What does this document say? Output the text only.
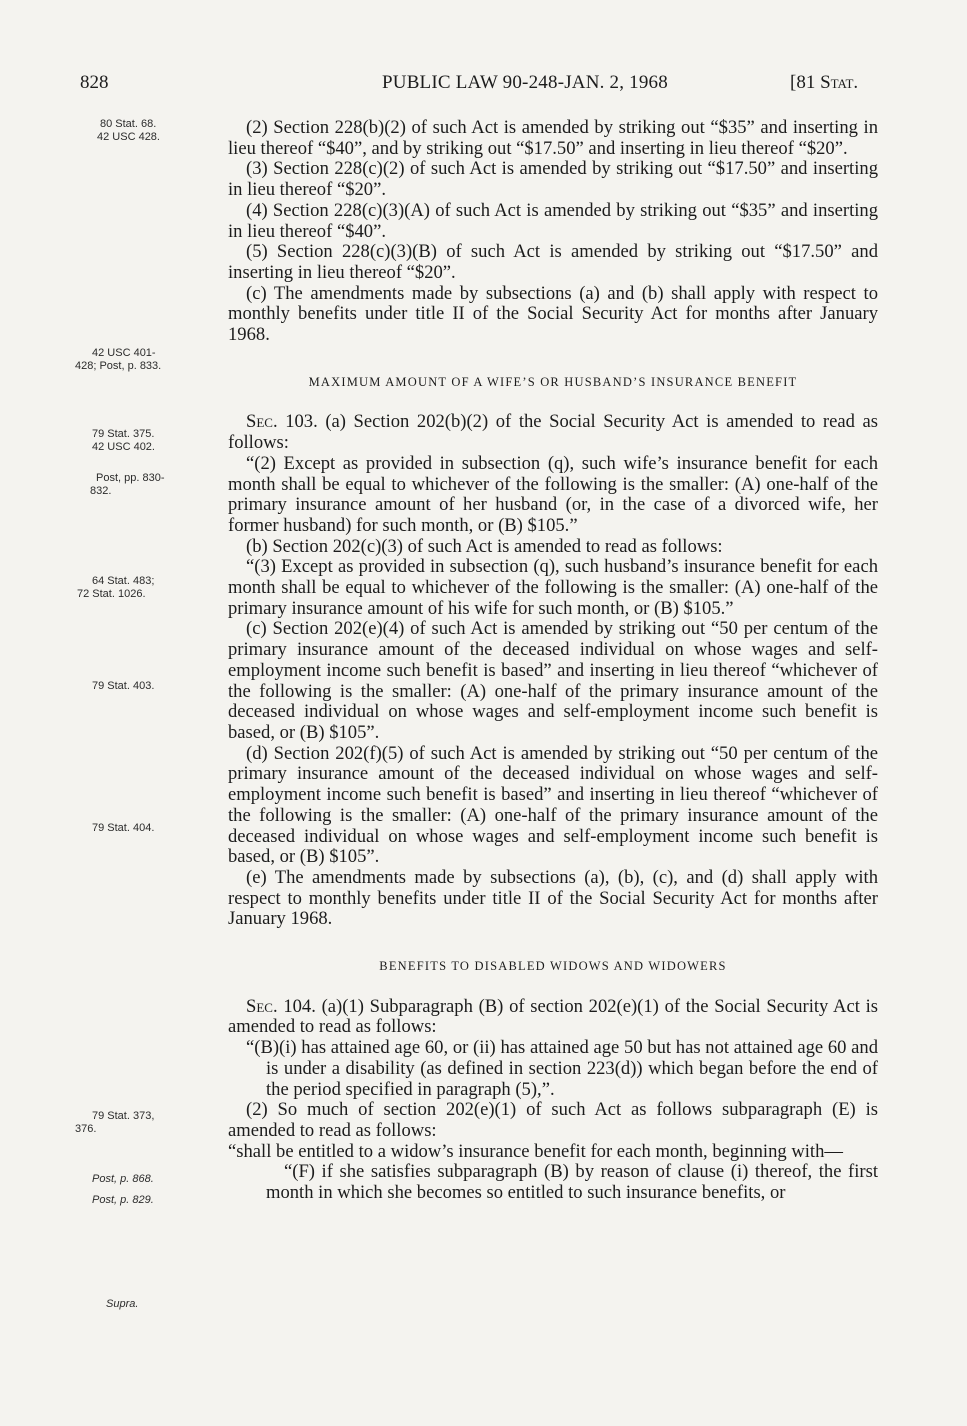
828	PUBLIC LAW 90-248-JAN. 2, 1968	[81 Stat.
80 Stat. 68.
42 USC 428.
42 USC 401-
428; Post, p. 833.
79 Stat. 375.
42 USC 402.
Post, pp. 830-
832.
64 Stat. 483;
72 Stat. 1026.
79 Stat. 403.
79 Stat. 404.
79 Stat. 373,
376.
Post, p. 868.
Post, p. 829.
Supra.

(2) Section 228(b)(2) of such Act is amended by striking out “$35” and inserting in lieu thereof “$40”, and by striking out “$17.50” and inserting in lieu thereof “$20”.

(3) Section 228(c)(2) of such Act is amended by striking out “$17.50” and inserting in lieu thereof “$20”.

(4) Section 228(c)(3)(A) of such Act is amended by striking out “$35” and inserting in lieu thereof “$40”.

(5) Section 228(c)(3)(B) of such Act is amended by striking out “$17.50” and inserting in lieu thereof “$20”.

(c) The amendments made by subsections (a) and (b) shall apply with respect to monthly benefits under title II of the Social Security Act for months after January 1968.

MAXIMUM AMOUNT OF A WIFE’S OR HUSBAND’S INSURANCE BENEFIT

Sec. 103. (a) Section 202(b)(2) of the Social Security Act is amended to read as follows:

“(2) Except as provided in subsection (q), such wife’s insurance benefit for each month shall be equal to whichever of the following is the smaller: (A) one-half of the primary insurance amount of her husband (or, in the case of a divorced wife, her former husband) for such month, or (B) $105.”

(b) Section 202(c)(3) of such Act is amended to read as follows:

“(3) Except as provided in subsection (q), such husband’s insurance benefit for each month shall be equal to whichever of the following is the smaller: (A) one-half of the primary insurance amount of his wife for such month, or (B) $105.”

(c) Section 202(e)(4) of such Act is amended by striking out “50 per centum of the primary insurance amount of the deceased individual on whose wages and self-employment income such benefit is based” and inserting in lieu thereof “whichever of the following is the smaller: (A) one-half of the primary insurance amount of the deceased individual on whose wages and self-employment income such benefit is based, or (B) $105”.

(d) Section 202(f)(5) of such Act is amended by striking out “50 per centum of the primary insurance amount of the deceased individual on whose wages and self-employment income such benefit is based” and inserting in lieu thereof “whichever of the following is the smaller: (A) one-half of the primary insurance amount of the deceased individual on whose wages and self-employment income such benefit is based, or (B) $105”.

(e) The amendments made by subsections (a), (b), (c), and (d) shall apply with respect to monthly benefits under title II of the Social Security Act for months after January 1968.

BENEFITS TO DISABLED WIDOWS AND WIDOWERS

Sec. 104. (a)(1) Subparagraph (B) of section 202(e)(1) of the Social Security Act is amended to read as follows:

“(B)(i) has attained age 60, or (ii) has attained age 50 but has not attained age 60 and is under a disability (as defined in section 223(d)) which began before the end of the period specified in paragraph (5),”.

(2) So much of section 202(e)(1) of such Act as follows subparagraph (E) is amended to read as follows:

“shall be entitled to a widow’s insurance benefit for each month, beginning with—

“(F) if she satisfies subparagraph (B) by reason of clause (i) thereof, the first month in which she becomes so entitled to such insurance benefits, or
